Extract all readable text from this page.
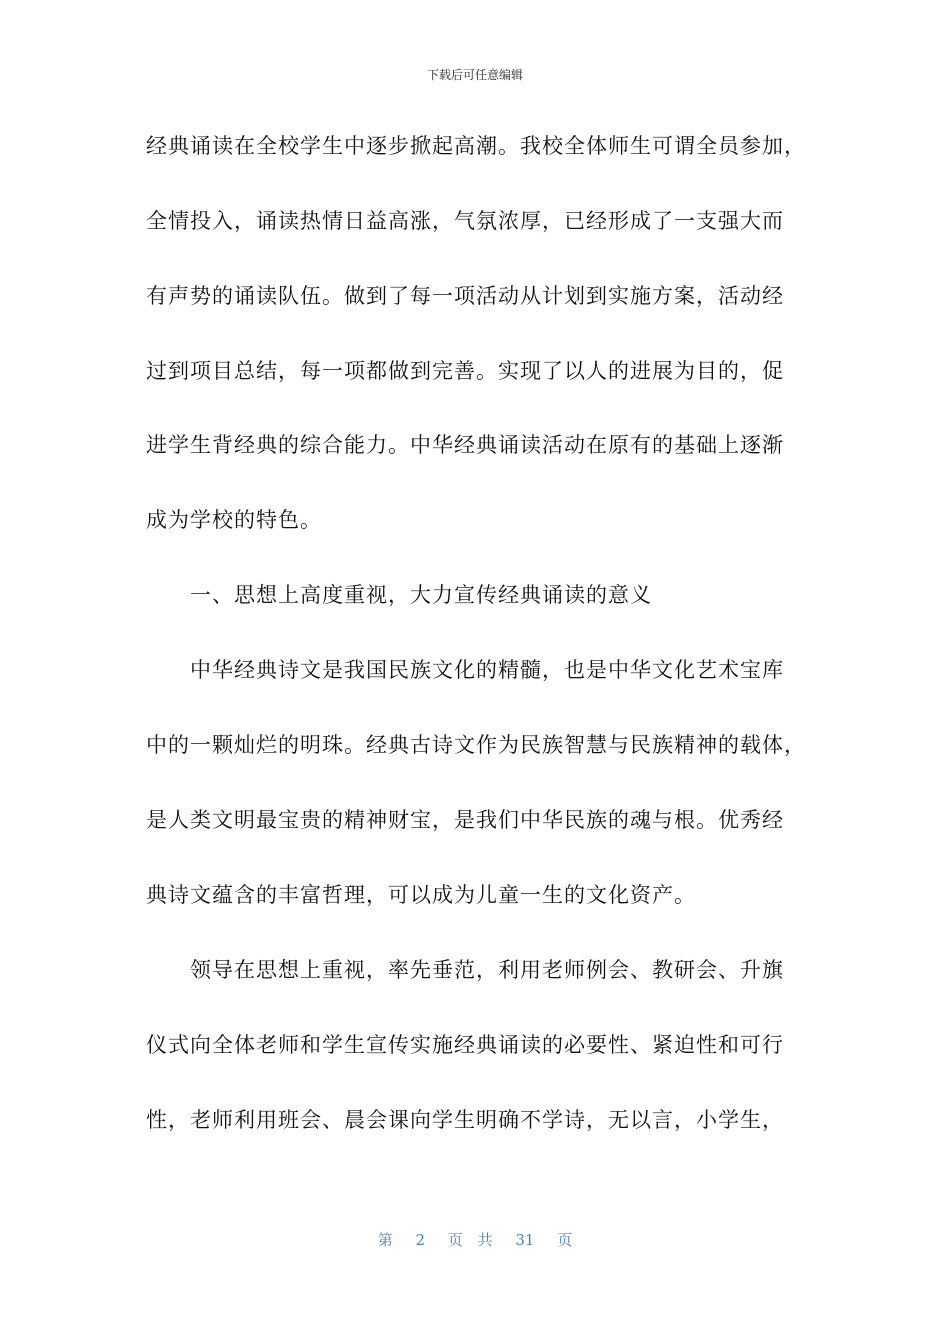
下载后可任意编辑
经典诵读在全校学生中逐步掀起高潮。我校全体师生可谓全员参加，
全情投入，诵读热情日益高涨，气氛浓厚，已经形成了一支强大而
有声势的诵读队伍。做到了每一项活动从计划到实施方案，活动经
过到项目总结，每一项都做到完善。实现了以人的进展为目的，促
进学生背经典的综合能力。中华经典诵读活动在原有的基础上逐渐
成为学校的特色。
　　一、思想上高度重视，大力宣传经典诵读的意义
　　中华经典诗文是我国民族文化的精髓，也是中华文化艺术宝库
中的一颗灿烂的明珠。经典古诗文作为民族智慧与民族精神的载体，
是人类文明最宝贵的精神财宝，是我们中华民族的魂与根。优秀经
典诗文蕴含的丰富哲理，可以成为儿童一生的文化资产。
　　领导在思想上重视，率先垂范，利用老师例会、教研会、升旗
仪式向全体老师和学生宣传实施经典诵读的必要性、紧迫性和可行
性，老师利用班会、晨会课向学生明确不学诗，无以言，小学生，
第 2 页 共 31 页
